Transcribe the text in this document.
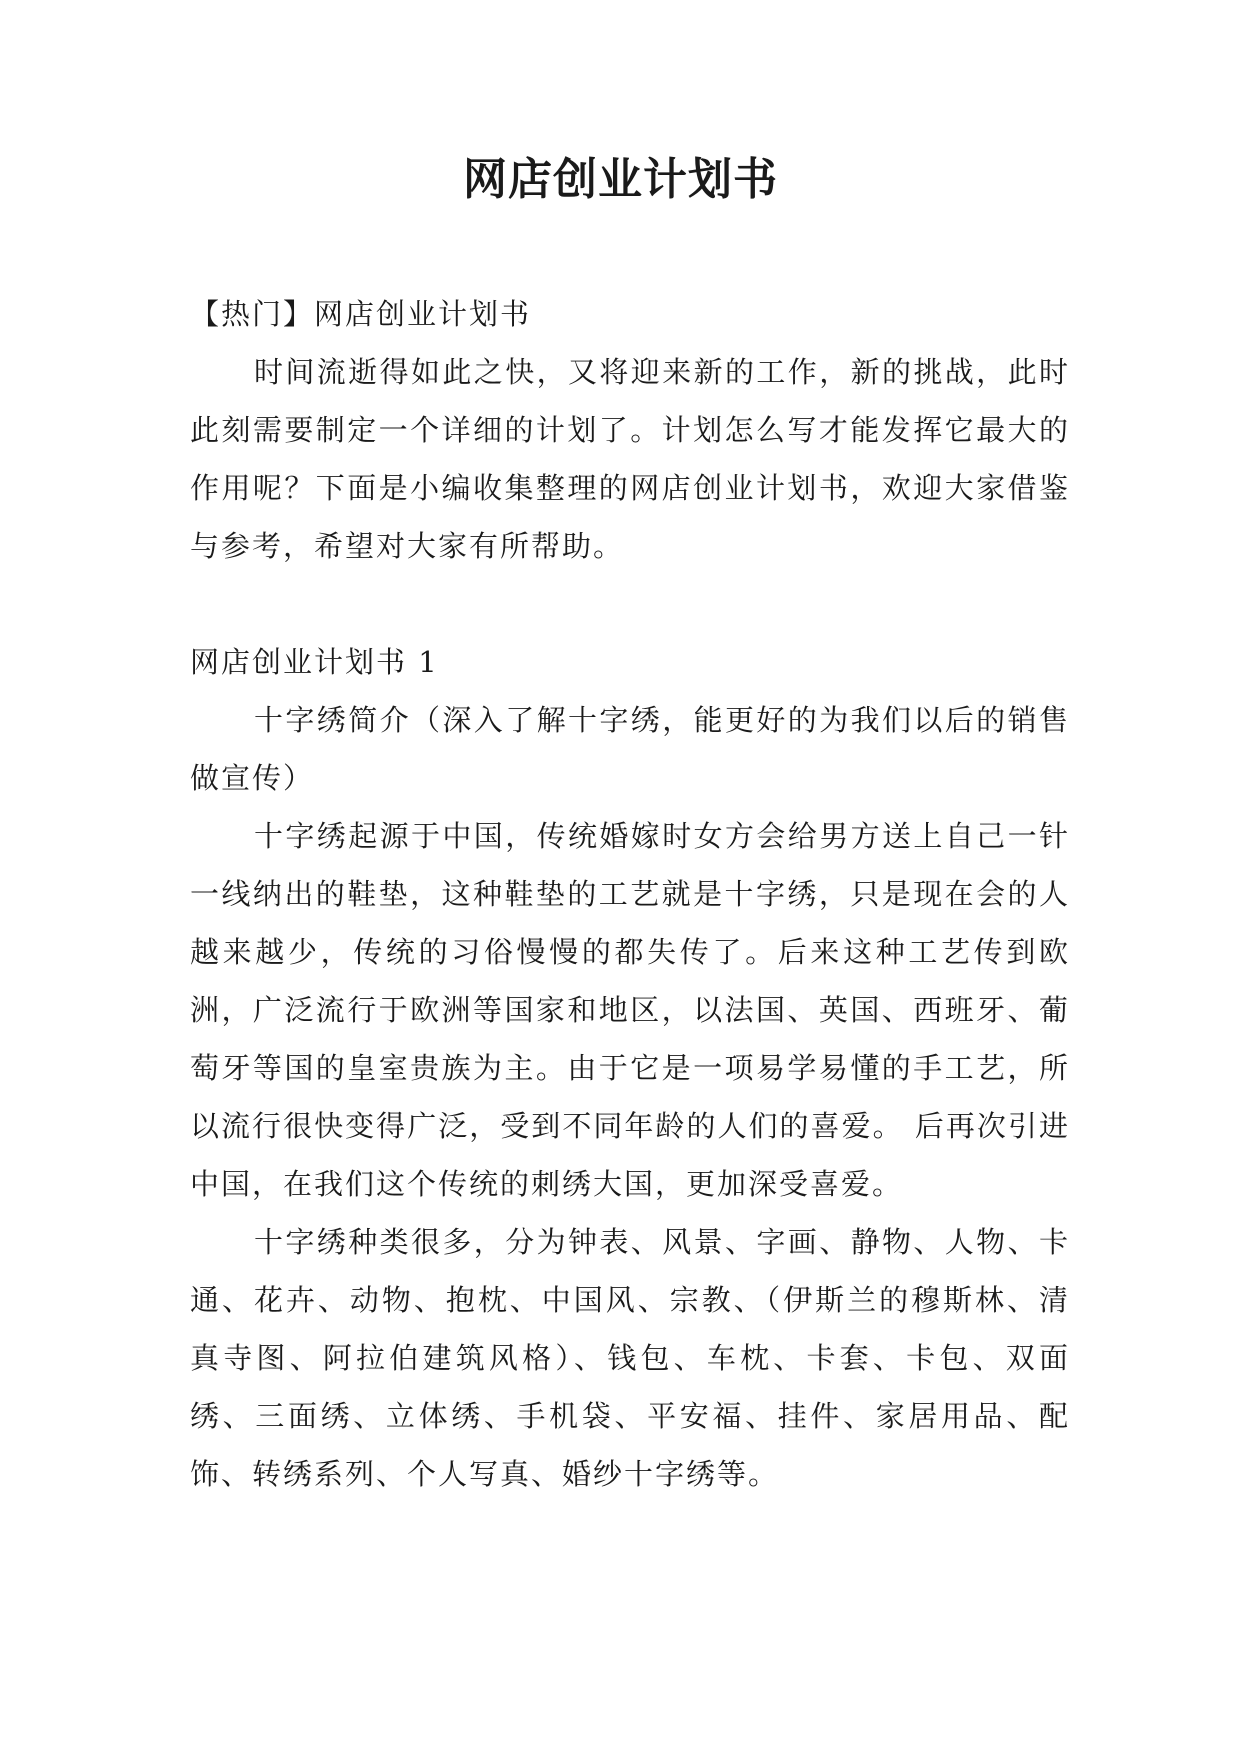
网店创业计划书

【热门】网店创业计划书

时间流逝得如此之快，又将迎来新的工作，新的挑战，此时此刻需要制定一个详细的计划了。计划怎么写才能发挥它最大的作用呢？下面是小编收集整理的网店创业计划书，欢迎大家借鉴与参考，希望对大家有所帮助。

网店创业计划书 1

十字绣简介（深入了解十字绣，能更好的为我们以后的销售做宣传）

十字绣起源于中国，传统婚嫁时女方会给男方送上自己一针一线纳出的鞋垫，这种鞋垫的工艺就是十字绣，只是现在会的人越来越少，传统的习俗慢慢的都失传了。后来这种工艺传到欧洲，广泛流行于欧洲等国家和地区，以法国、英国、西班牙、葡萄牙等国的皇室贵族为主。由于它是一项易学易懂的手工艺，所以流行很快变得广泛，受到不同年龄的人们的喜爱。 后再次引进中国，在我们这个传统的刺绣大国，更加深受喜爱。

十字绣种类很多，分为钟表、风景、字画、静物、人物、卡通、花卉、动物、抱枕、中国风、宗教、（伊斯兰的穆斯林、清真寺图、阿拉伯建筑风格）、钱包、车枕、卡套、卡包、双面绣、三面绣、立体绣、手机袋、平安福、挂件、家居用品、配饰、转绣系列、个人写真、婚纱十字绣等。
